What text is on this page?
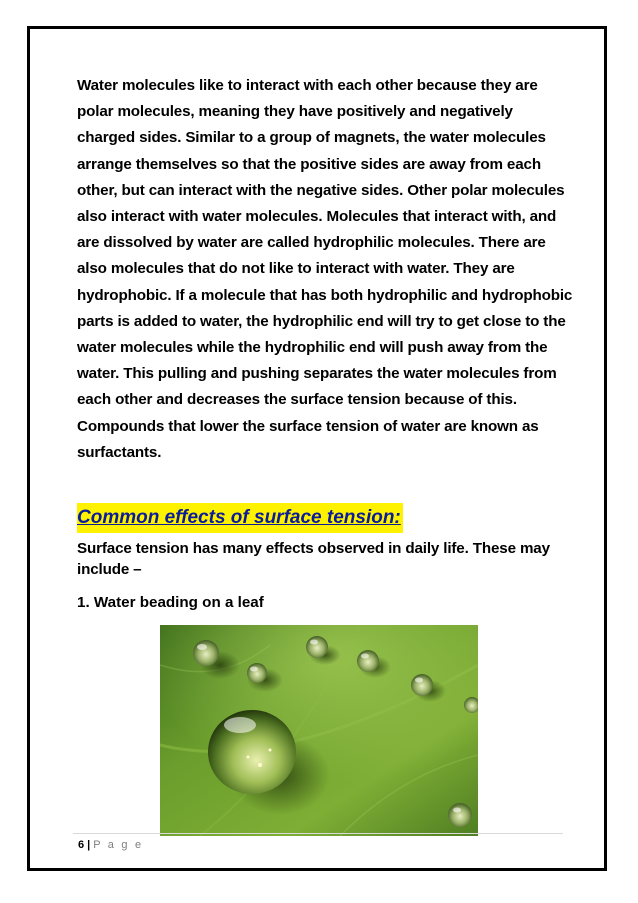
Water molecules like to interact with each other because they are polar molecules, meaning they have positively and negatively charged sides. Similar to a group of magnets, the water molecules arrange themselves so that the positive sides are away from each other, but can interact with the negative sides. Other polar molecules also interact with water molecules. Molecules that interact with, and are dissolved by water are called hydrophilic molecules. There are also molecules that do not like to interact with water. They are hydrophobic. If a molecule that has both hydrophilic and hydrophobic parts is added to water, the hydrophilic end will try to get close to the water molecules while the hydrophilic end will push away from the water. This pulling and pushing separates the water molecules from each other and decreases the surface tension because of this. Compounds that lower the surface tension of water are known as surfactants.

Common effects of surface tension:

Surface tension has many effects observed in daily life. These may include –

1. Water beading on a leaf

6 | P a g e
